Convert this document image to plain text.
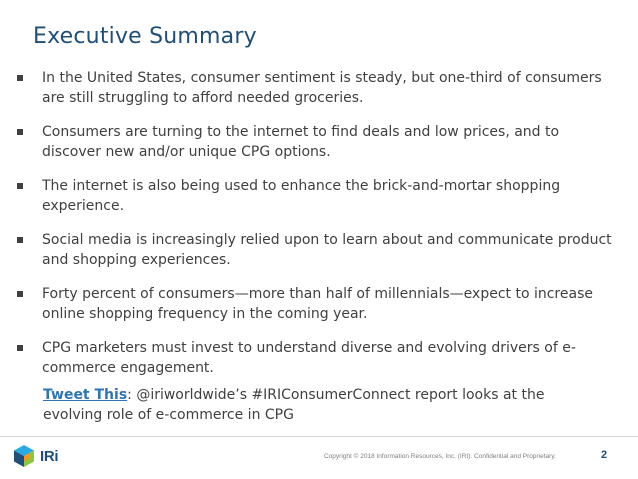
Executive Summary
In the United States, consumer sentiment is steady, but one-third of consumers are still struggling to afford needed groceries.
Consumers are turning to the internet to find deals and low prices, and to discover new and/or unique CPG options.
The internet is also being used to enhance the brick-and-mortar shopping experience.
Social media is increasingly relied upon to learn about and communicate product and shopping experiences.
Forty percent of consumers—more than half of millennials—expect to increase online shopping frequency in the coming year.
CPG marketers must invest to understand diverse and evolving drivers of e-commerce engagement.
Tweet This: @iriworldwide’s #IRIConsumerConnect report looks at the evolving role of e-commerce in CPG
IRi	Copyright © 2018 Information Resources, Inc. (IRI). Confidential and Proprietary.	2
